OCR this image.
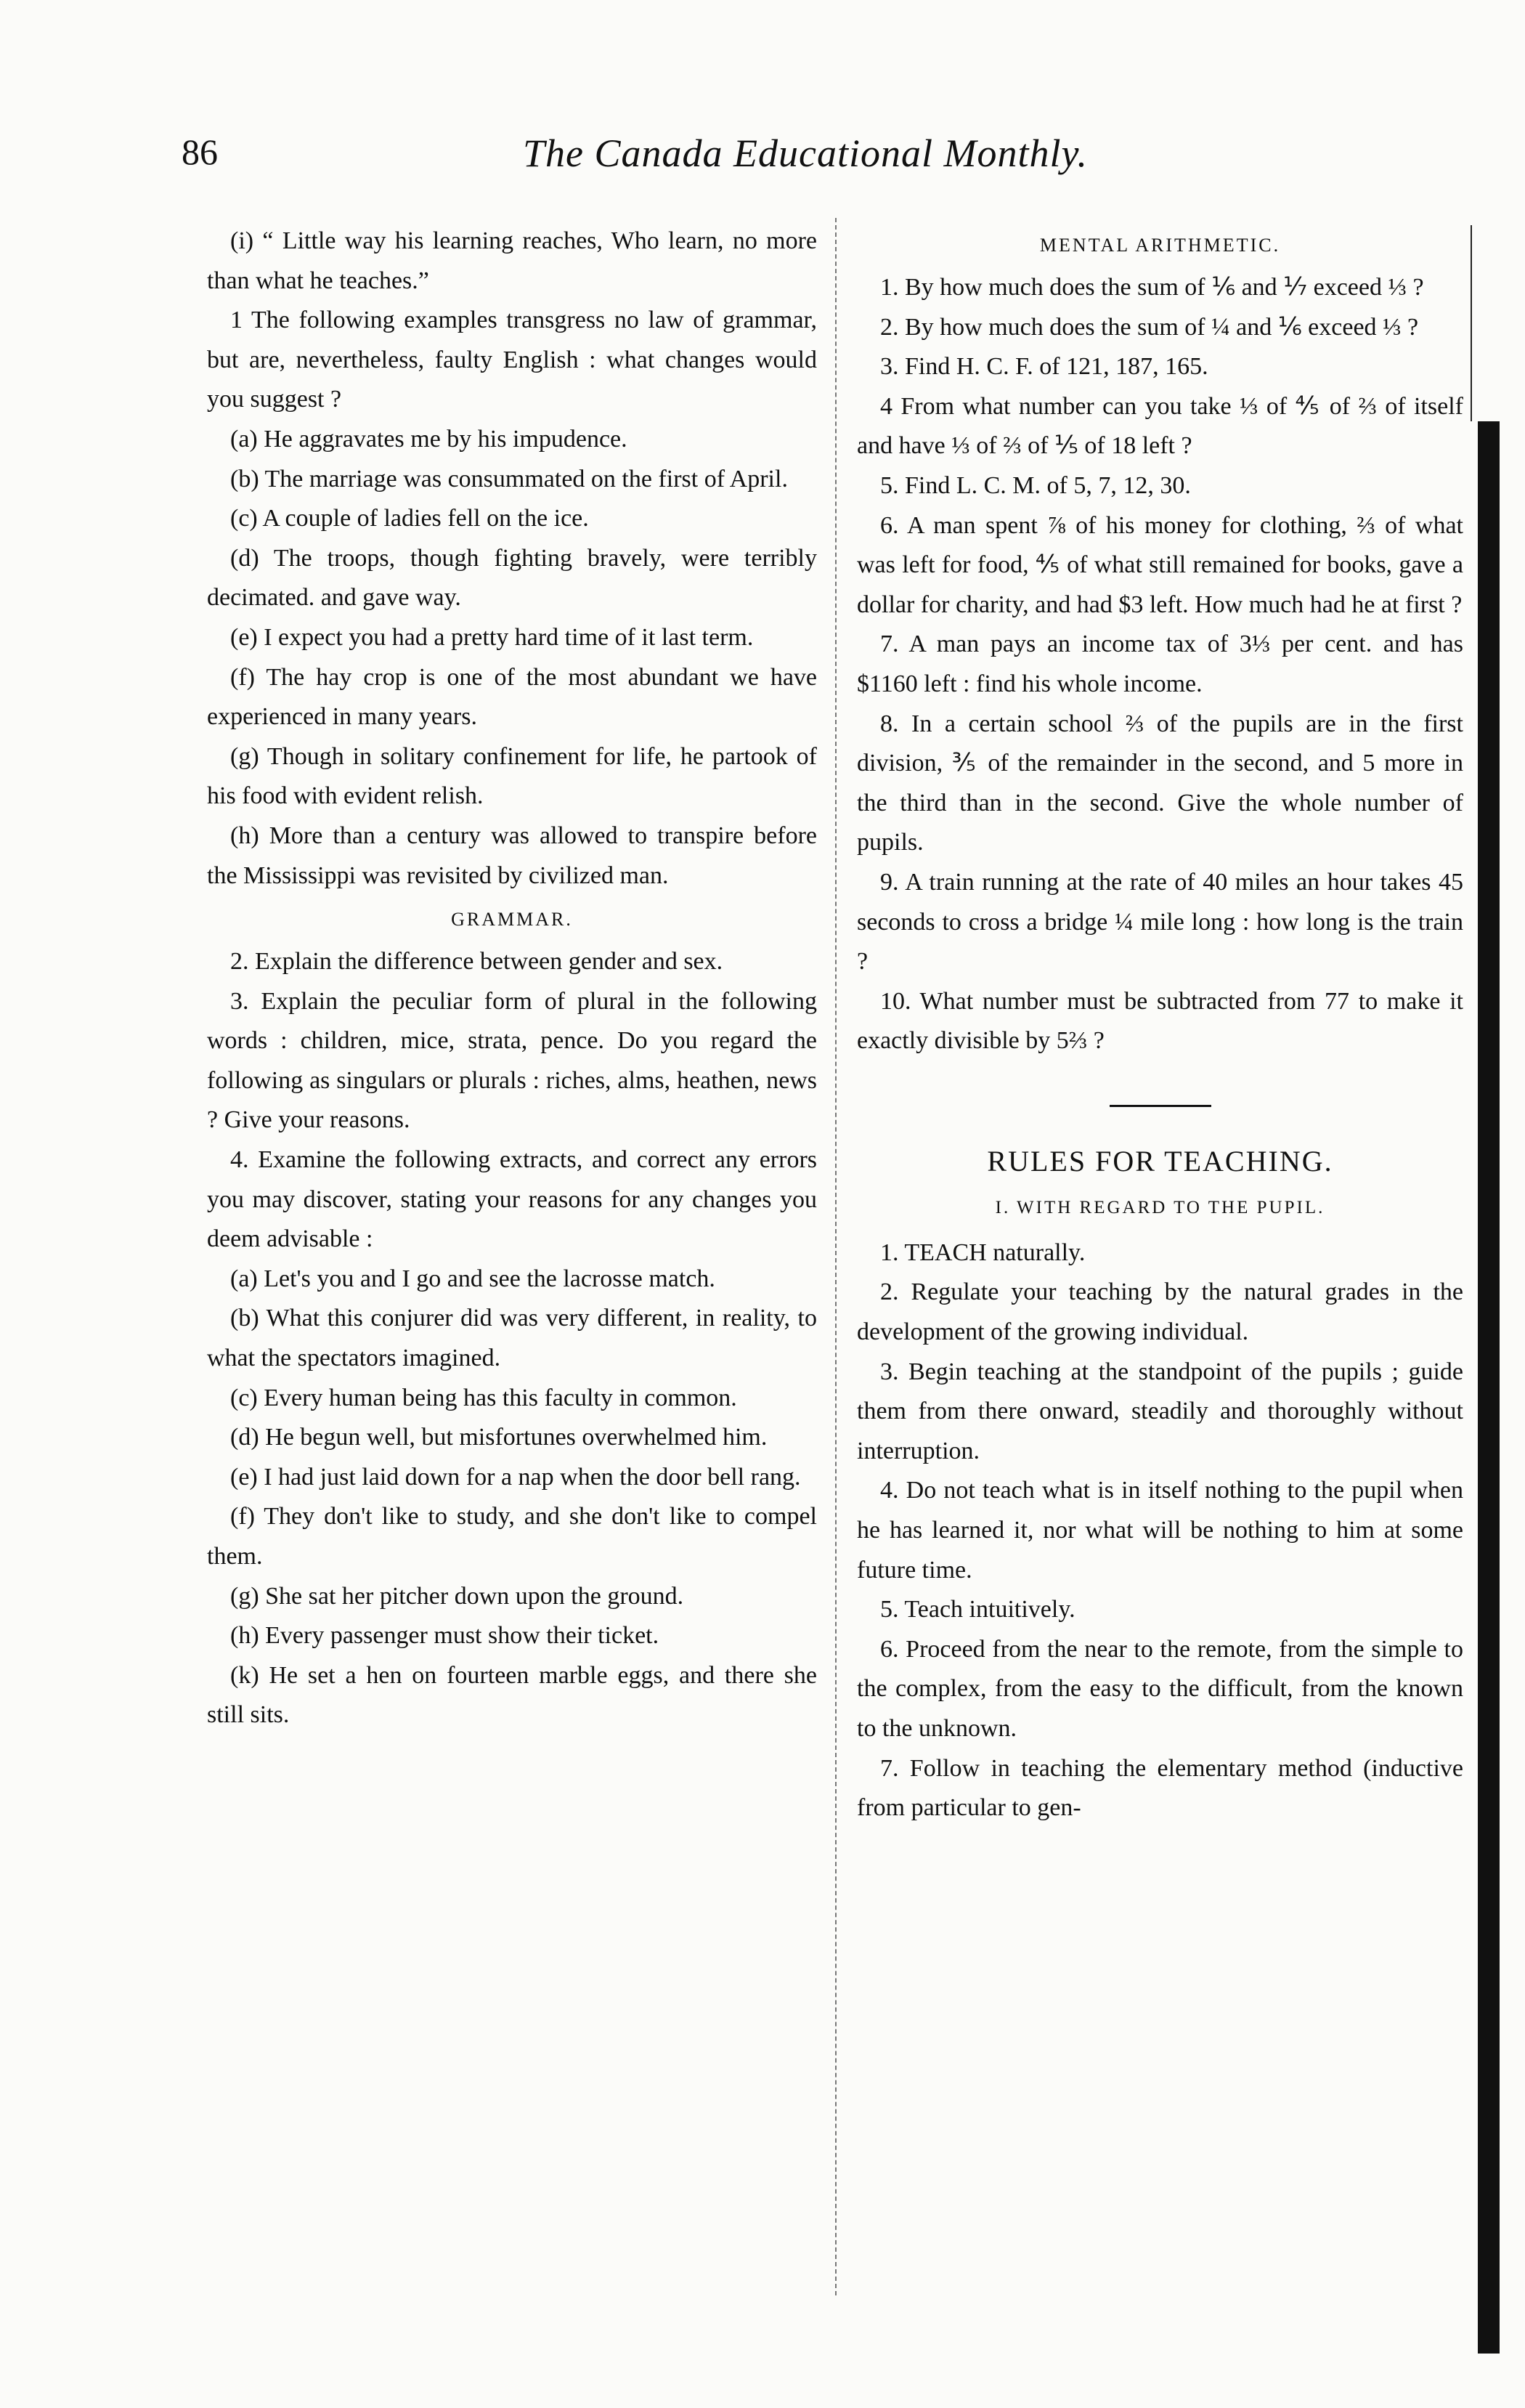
86	The Canada Educational Monthly.

(i) “ Little way his learning reaches, Who learn, no more than what he teaches.”

1 The following examples transgress no law of grammar, but are, nevertheless, faulty English : what changes would you suggest ?

(a) He aggravates me by his impudence.

(b) The marriage was consummated on the first of April.

(c) A couple of ladies fell on the ice.

(d) The troops, though fighting bravely, were terribly decimated. and gave way.

(e) I expect you had a pretty hard time of it last term.

(f) The hay crop is one of the most abundant we have experienced in many years.

(g) Though in solitary confinement for life, he partook of his food with evident relish.

(h) More than a century was allowed to transpire before the Mississippi was revisited by civilized man.

GRAMMAR.

2. Explain the difference between gender and sex.

3. Explain the peculiar form of plural in the following words : children, mice, strata, pence. Do you regard the following as singulars or plurals : riches, alms, heathen, news ? Give your reasons.

4. Examine the following extracts, and correct any errors you may discover, stating your reasons for any changes you deem advisable :

(a) Let's you and I go and see the lacrosse match.

(b) What this conjurer did was very different, in reality, to what the spectators imagined.

(c) Every human being has this faculty in common.

(d) He begun well, but misfortunes overwhelmed him.

(e) I had just laid down for a nap when the door bell rang.

(f) They don't like to study, and she don't like to compel them.

(g) She sat her pitcher down upon the ground.

(h) Every passenger must show their ticket.

(k) He set a hen on fourteen marble eggs, and there she still sits.

MENTAL ARITHMETIC.

1. By how much does the sum of ⅙ and ⅐ exceed ⅓ ?

2. By how much does the sum of ¼ and ⅙ exceed ⅓ ?

3. Find H. C. F. of 121, 187, 165.

4 From what number can you take ⅓ of ⅘ of ⅔ of itself and have ⅓ of ⅔ of ⅕ of 18 left ?

5. Find L. C. M. of 5, 7, 12, 30.

6. A man spent ⅞ of his money for clothing, ⅔ of what was left for food, ⅘ of what still remained for books, gave a dollar for charity, and had $3 left. How much had he at first ?

7. A man pays an income tax of 3⅓ per cent. and has $1160 left : find his whole income.

8. In a certain school ⅔ of the pupils are in the first division, ⅗ of the remainder in the second, and 5 more in the third than in the second. Give the whole number of pupils.

9. A train running at the rate of 40 miles an hour takes 45 seconds to cross a bridge ¼ mile long : how long is the train ?

10. What number must be subtracted from 77 to make it exactly divisible by 5⅔ ?

RULES FOR TEACHING.
I. WITH REGARD TO THE PUPIL.

1. TEACH naturally.

2. Regulate your teaching by the natural grades in the development of the growing individual.

3. Begin teaching at the standpoint of the pupils ; guide them from there onward, steadily and thoroughly without interruption.

4. Do not teach what is in itself nothing to the pupil when he has learned it, nor what will be nothing to him at some future time.

5. Teach intuitively.

6. Proceed from the near to the remote, from the simple to the complex, from the easy to the difficult, from the known to the unknown.

7. Follow in teaching the elementary method (inductive from particular to gen-
